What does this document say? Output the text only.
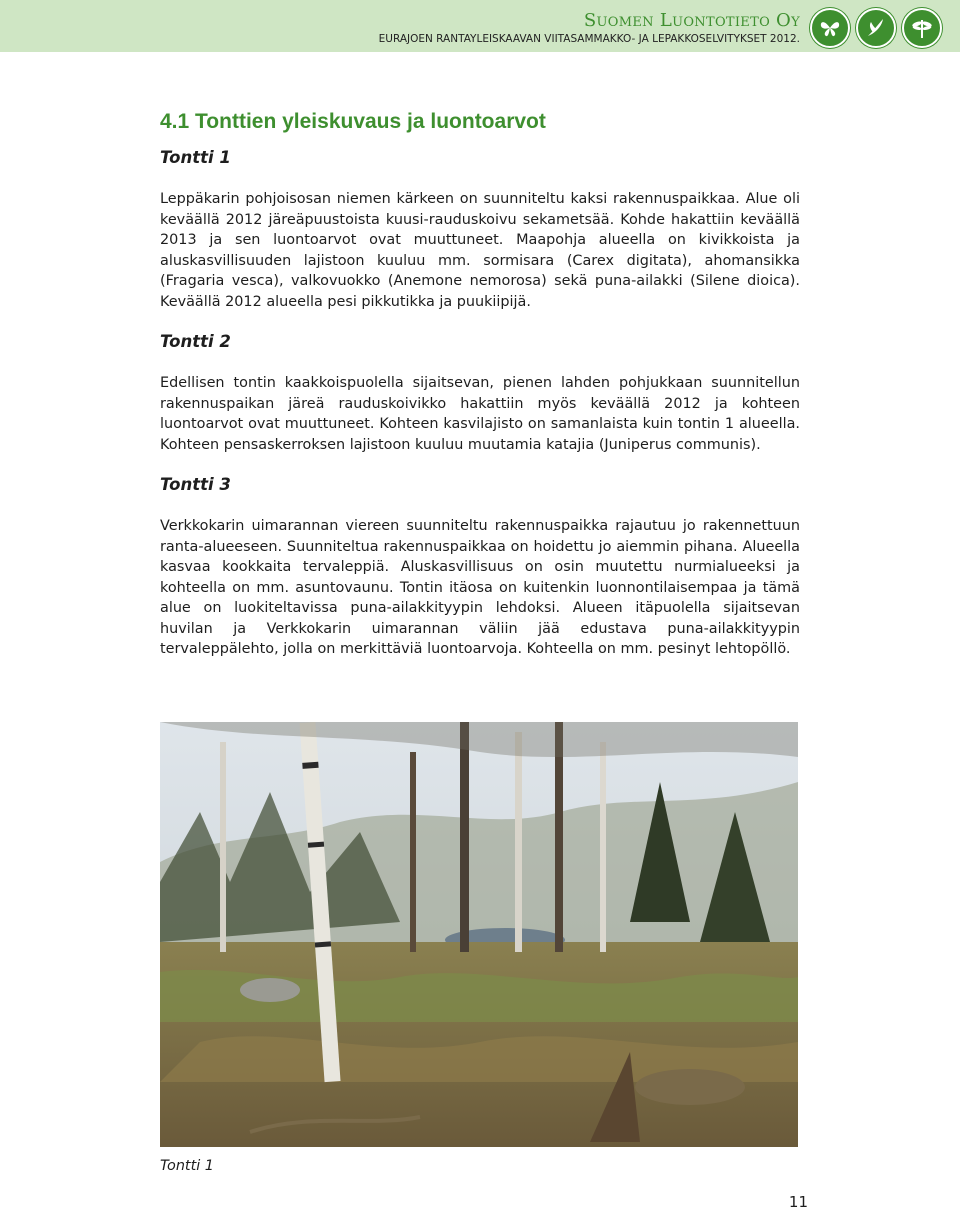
Suomen Luontotieto Oy
EURAJOEN RANTAYLEISKAAVAN VIITASAMMAKKO- JA LEPAKKOSELVITYKSET 2012.
4.1 Tonttien yleiskuvaus ja luontoarvot
Tontti 1

Leppäkarin pohjoisosan niemen kärkeen on suunniteltu kaksi rakennuspaikkaa. Alue oli keväällä 2012 järeäpuustoista kuusi-rauduskoivu sekametsää. Kohde hakattiin keväällä 2013 ja sen luontoarvot ovat muuttuneet. Maapohja alueella on kivikkoista ja aluskasvillisuuden lajistoon kuuluu mm. sormisara (Carex digitata), ahomansikka (Fragaria vesca), valkovuokko (Anemone nemorosa) sekä puna-ailakki (Silene dioica). Keväällä 2012 alueella pesi pikkutikka ja puukiipijä.

Tontti 2

Edellisen tontin kaakkoispuolella sijaitsevan, pienen lahden pohjukkaan suunnitellun rakennuspaikan järeä rauduskoivikko hakattiin myös keväällä 2012 ja kohteen luontoarvot ovat muuttuneet. Kohteen kasvilajisto on samanlaista kuin tontin 1 alueella. Kohteen pensaskerroksen lajistoon kuuluu muutamia katajia (Juniperus communis).

Tontti 3

Verkkokarin uimarannan viereen suunniteltu rakennuspaikka rajautuu jo rakennettuun ranta-alueeseen. Suunniteltua rakennuspaikkaa on hoidettu jo aiemmin pihana. Alueella kasvaa kookkaita tervaleppiä. Aluskasvillisuus on osin muutettu nurmialueeksi ja kohteella on mm. asuntovaunu. Tontin itäosa on kuitenkin luonnontilaisempaa ja tämä alue on luokiteltavissa puna-ailakkityypin lehdoksi. Alueen itäpuolella sijaitsevan huvilan ja Verkkokarin uimarannan väliin jää edustava puna-ailakkityypin tervaleppälehto, jolla on merkittäviä luontoarvoja. Kohteella on mm. pesinyt lehtopöllö.

Tontti 1
11
